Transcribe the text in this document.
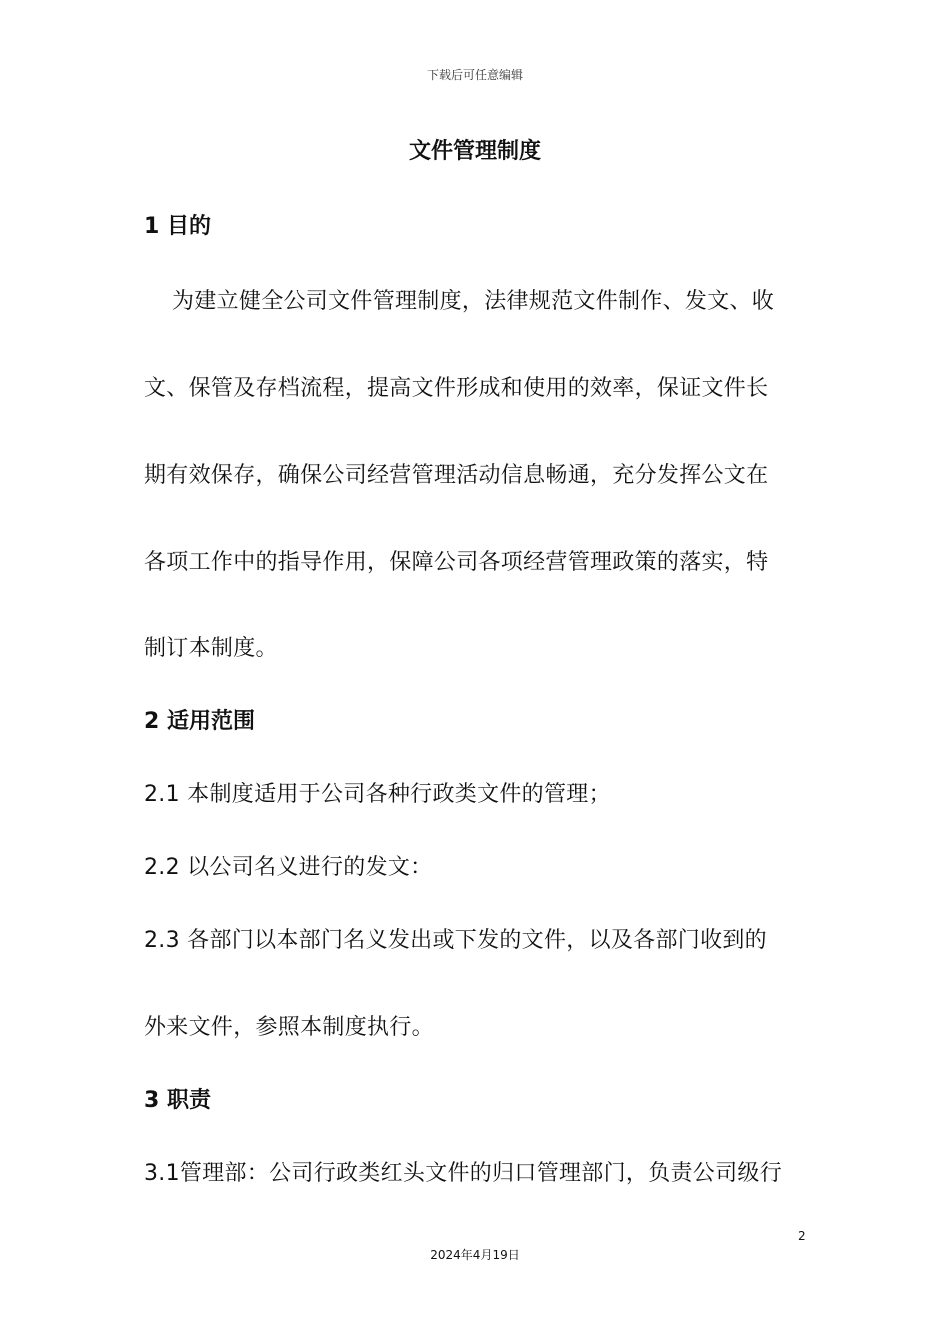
下载后可任意编辑
文件管理制度
1 目的
为建立健全公司文件管理制度，法律规范文件制作、发文、收
文、保管及存档流程，提高文件形成和使用的效率，保证文件长
期有效保存，确保公司经营管理活动信息畅通，充分发挥公文在
各项工作中的指导作用，保障公司各项经营管理政策的落实，特
制订本制度。
2 适用范围
2.1 本制度适用于公司各种行政类文件的管理；
2.2 以公司名义进行的发文：
2.3 各部门以本部门名义发出或下发的文件，以及各部门收到的
外来文件，参照本制度执行。
3 职责
3.1管理部：公司行政类红头文件的归口管理部门，负责公司级行
2
2024年4月19日
